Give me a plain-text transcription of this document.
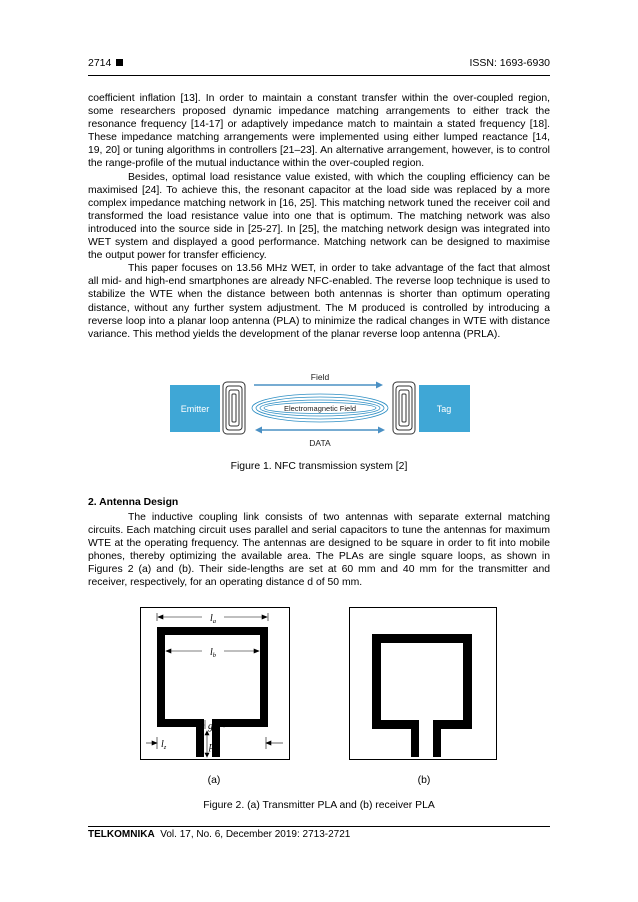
2714	ISSN: 1693-6930

coefficient inflation [13]. In order to maintain a constant transfer within the over-coupled region, some researchers proposed dynamic impedance matching arrangements to either track the resonance frequency [14-17] or adaptively impedance match to maintain a stated frequency [18]. These impedance matching arrangements were implemented using either lumped reactance [14, 19, 20] or tuning algorithms in controllers [21–23]. An alternative arrangement, however, is to control the range-profile of the mutual inductance within the over-coupled region.

Besides, optimal load resistance value existed, with which the coupling efficiency can be maximised [24]. To achieve this, the resonant capacitor at the load side was replaced by a more complex impedance matching network in [16, 25]. This matching network tuned the receiver coil and transformed the load resistance value into one that is optimum. The matching network was also introduced into the source side in [25-27]. In [25], the matching network design was integrated into WET system and displayed a good performance. Matching network can be designed to maximise the output power for transfer efficiency.

This paper focuses on 13.56 MHz WET, in order to take advantage of the fact that almost all mid- and high-end smartphones are already NFC-enabled. The reverse loop technique is used to stabilize the WTE when the distance between both antennas is shorter than optimum operating distance, without any further system adjustment. The M produced is controlled by introducing a reverse loop into a planar loop antenna (PLA) to minimize the radical changes in WTE with distance variance. This method yields the development of the planar reverse loop antenna (PRLA).

Emitter	Tag
Electromagnetic Field
Field
DATA
Figure 1. NFC transmission system [2]
2. Antenna Design

The inductive coupling link consists of two antennas with separate external matching circuits. Each matching circuit uses parallel and serial capacitors to tune the antennas for maximum WTE at the operating frequency. The antennas are designed to be square in order to fit into mobile phones, thereby optimizing the available area. The PLAs are single square loops, as shown in Figures 2 (a) and (b). Their side-lengths are set at 60 mm and 40 mm for the transmitter and receiver, respectively, for an operating distance d of 50 mm.

$l_a$
$l_b$
g
p
$l_z$
(a)	(b)
Figure 2. (a) Transmitter PLA and (b) receiver PLA
TELKOMNIKA Vol. 17, No. 6, December 2019: 2713-2721
